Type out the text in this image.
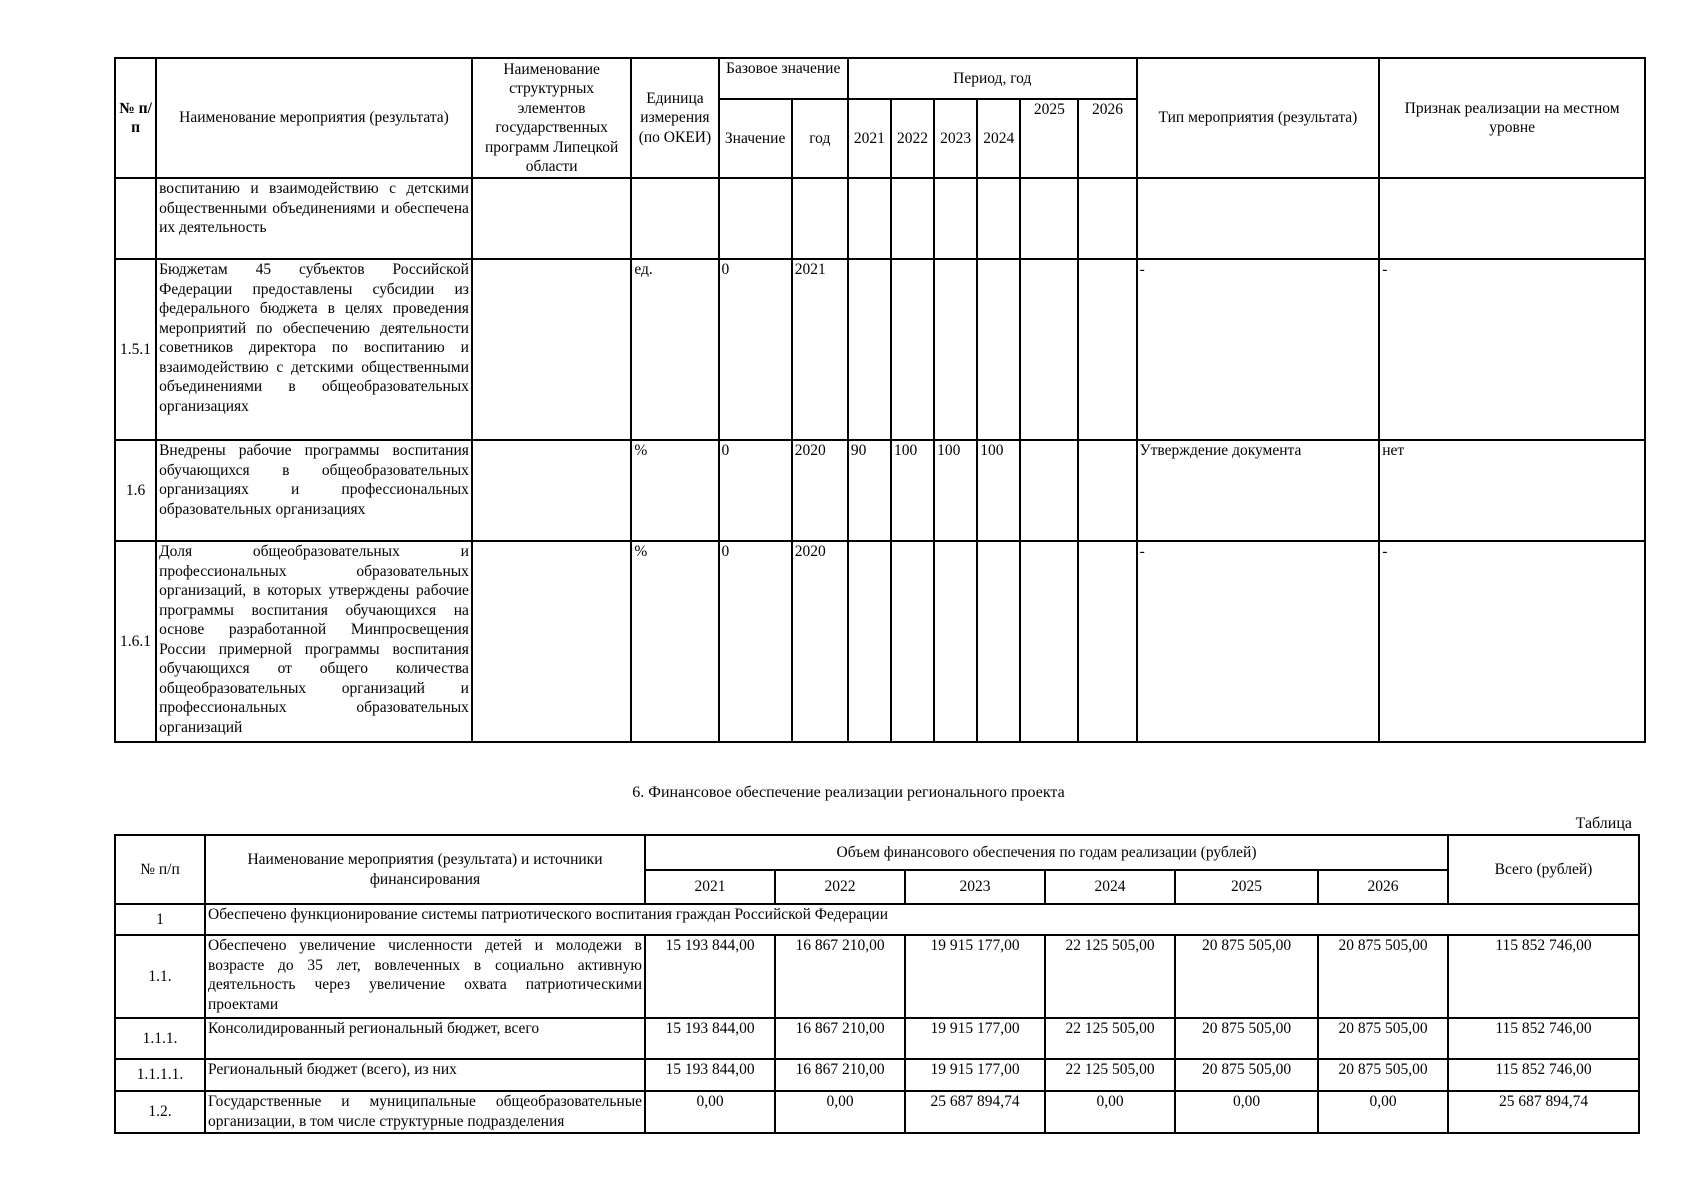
№ п/п	Наименование мероприятия (результата)	Наименование структурных элементов государственных программ Липецкой области	Единица измерения (по ОКЕИ)	Базовое значение		Период, год						Тип мероприятия (результата)	Признак реализации на местном уровне
				Значение	год	2021	2022	2023	2024	2025	2026		
	воспитанию и взаимодействию с детскими общественными объединениями и обеспечена их деятельность												
1.5.1	Бюджетам 45 субъектов Российской Федерации предоставлены субсидии из федерального бюджета в целях проведения мероприятий по обеспечению деятельности советников директора по воспитанию и взаимодействию с детскими общественными объединениями в общеобразовательных организациях		ед.	0	2021							-	-
1.6	Внедрены рабочие программы воспитания обучающихся в общеобразовательных организациях и профессиональных образовательных организациях		%	0	2020	90	100	100	100			Утверждение документа	нет
1.6.1	Доля общеобразовательных и профессиональных образовательных организаций, в которых утверждены рабочие программы воспитания обучающихся на основе разработанной Минпросвещения России примерной программы воспитания обучающихся от общего количества общеобразовательных организаций и профессиональных образовательных организаций		%	0	2020							-	-
6. Финансовое обеспечение реализации регионального проекта
Таблица
№ п/п	Наименование мероприятия (результата) и источники финансирования	Объем финансового обеспечения по годам реализации (рублей)						Всего (рублей)
		2021	2022	2023	2024	2025	2026	
1	Обеспечено функционирование системы патриотического воспитания граждан Российской Федерации							
1.1.	Обеспечено увеличение численности детей и молодежи в возрасте до 35 лет, вовлеченных в социально активную деятельность через увеличение охвата патриотическими проектами	15 193 844,00	16 867 210,00	19 915 177,00	22 125 505,00	20 875 505,00	20 875 505,00	115 852 746,00
1.1.1.	Консолидированный региональный бюджет, всего	15 193 844,00	16 867 210,00	19 915 177,00	22 125 505,00	20 875 505,00	20 875 505,00	115 852 746,00
1.1.1.1.	Региональный бюджет (всего), из них	15 193 844,00	16 867 210,00	19 915 177,00	22 125 505,00	20 875 505,00	20 875 505,00	115 852 746,00
1.2.	Государственные и муниципальные общеобразовательные организации, в том числе структурные подразделения	0,00	0,00	25 687 894,74	0,00	0,00	0,00	25 687 894,74
